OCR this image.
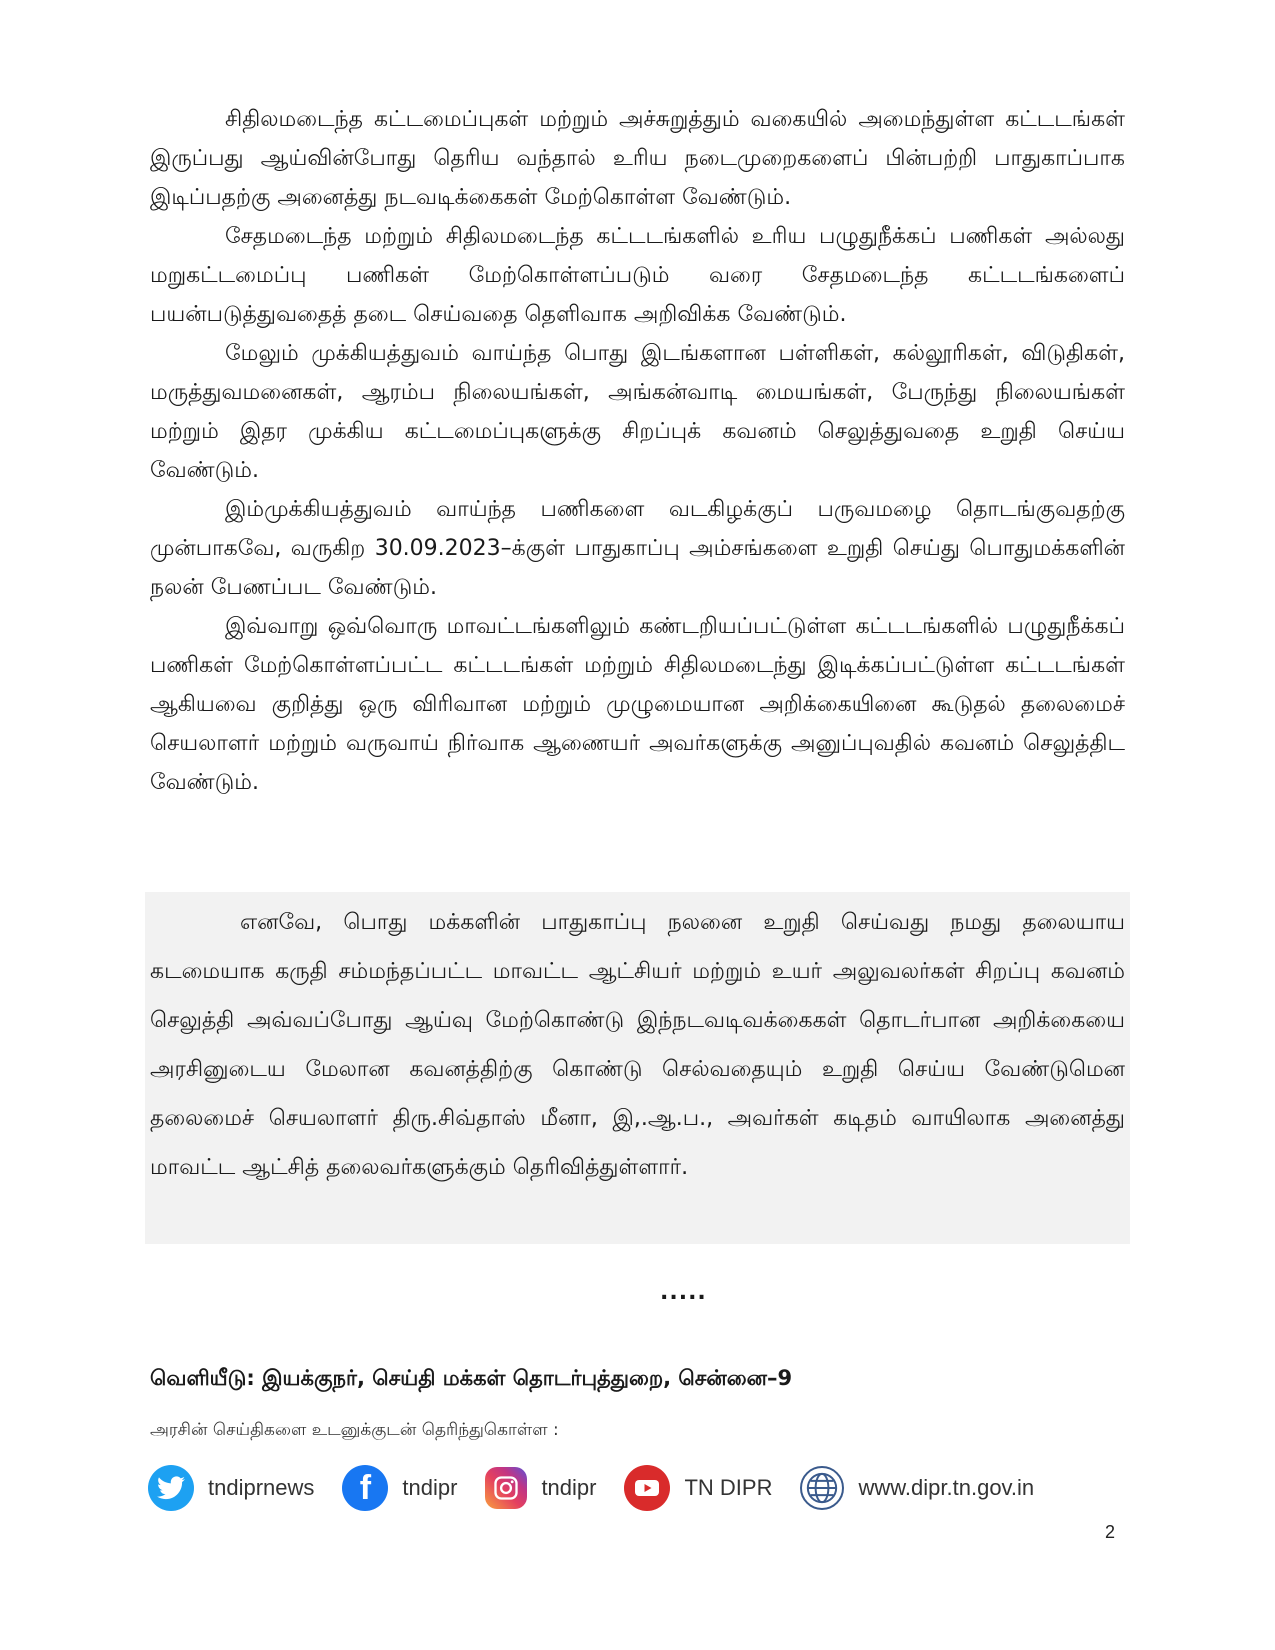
சிதிலமடைந்த கட்டமைப்புகள் மற்றும் அச்சுறுத்தும் வகையில் அமைந்துள்ள கட்டடங்கள் இருப்பது ஆய்வின்போது தெரிய வந்தால் உரிய நடைமுறைகளைப் பின்பற்றி பாதுகாப்பாக இடிப்பதற்கு அனைத்து நடவடிக்கைகள் மேற்கொள்ள வேண்டும்.

சேதமடைந்த மற்றும் சிதிலமடைந்த கட்டடங்களில் உரிய பழுதுநீக்கப் பணிகள் அல்லது மறுகட்டமைப்பு பணிகள் மேற்கொள்ளப்படும் வரை சேதமடைந்த கட்டடங்களைப் பயன்படுத்துவதைத் தடை செய்வதை தெளிவாக அறிவிக்க வேண்டும்.

மேலும் முக்கியத்துவம் வாய்ந்த பொது இடங்களான பள்ளிகள், கல்லூரிகள், விடுதிகள், மருத்துவமனைகள், ஆரம்ப நிலையங்கள், அங்கன்வாடி மையங்கள், பேருந்து நிலையங்கள் மற்றும் இதர முக்கிய கட்டமைப்புகளுக்கு சிறப்புக் கவனம் செலுத்துவதை உறுதி செய்ய வேண்டும்.

இம்முக்கியத்துவம் வாய்ந்த பணிகளை வடகிழக்குப் பருவமழை தொடங்குவதற்கு முன்பாகவே, வருகிற 30.09.2023–க்குள் பாதுகாப்பு அம்சங்களை உறுதி செய்து பொதுமக்களின் நலன் பேணப்பட வேண்டும்.

இவ்வாறு ஒவ்வொரு மாவட்டங்களிலும் கண்டறியப்பட்டுள்ள கட்டடங்களில் பழுதுநீக்கப் பணிகள் மேற்கொள்ளப்பட்ட கட்டடங்கள் மற்றும் சிதிலமடைந்து இடிக்கப்பட்டுள்ள கட்டடங்கள் ஆகியவை குறித்து ஒரு விரிவான மற்றும் முழுமையான அறிக்கையினை கூடுதல் தலைமைச் செயலாளர் மற்றும் வருவாய் நிர்வாக ஆணையர் அவர்களுக்கு அனுப்புவதில் கவனம் செலுத்திட வேண்டும்.

எனவே, பொது மக்களின் பாதுகாப்பு நலனை உறுதி செய்வது நமது தலையாய கடமையாக கருதி சம்மந்தப்பட்ட மாவட்ட ஆட்சியர் மற்றும் உயர் அலுவலர்கள் சிறப்பு கவனம் செலுத்தி அவ்வப்போது ஆய்வு மேற்கொண்டு இந்நடவடிவக்கைகள் தொடர்பான அறிக்கையை அரசினுடைய மேலான கவனத்திற்கு கொண்டு செல்வதையும் உறுதி செய்ய வேண்டுமென தலைமைச் செயலாளர் திரு.சிவ்தாஸ் மீனா, இ,.ஆ.ப., அவர்கள் கடிதம் வாயிலாக அனைத்து மாவட்ட ஆட்சித் தலைவர்களுக்கும் தெரிவித்துள்ளார்.

.....
வெளியீடு: இயக்குநர், செய்தி மக்கள் தொடர்புத்துறை, சென்னை–9
அரசின் செய்திகளை உடனுக்குடன் தெரிந்துகொள்ள :
tndiprnews	f	tndipr	tndipr	TN DIPR	www.dipr.tn.gov.in
2
